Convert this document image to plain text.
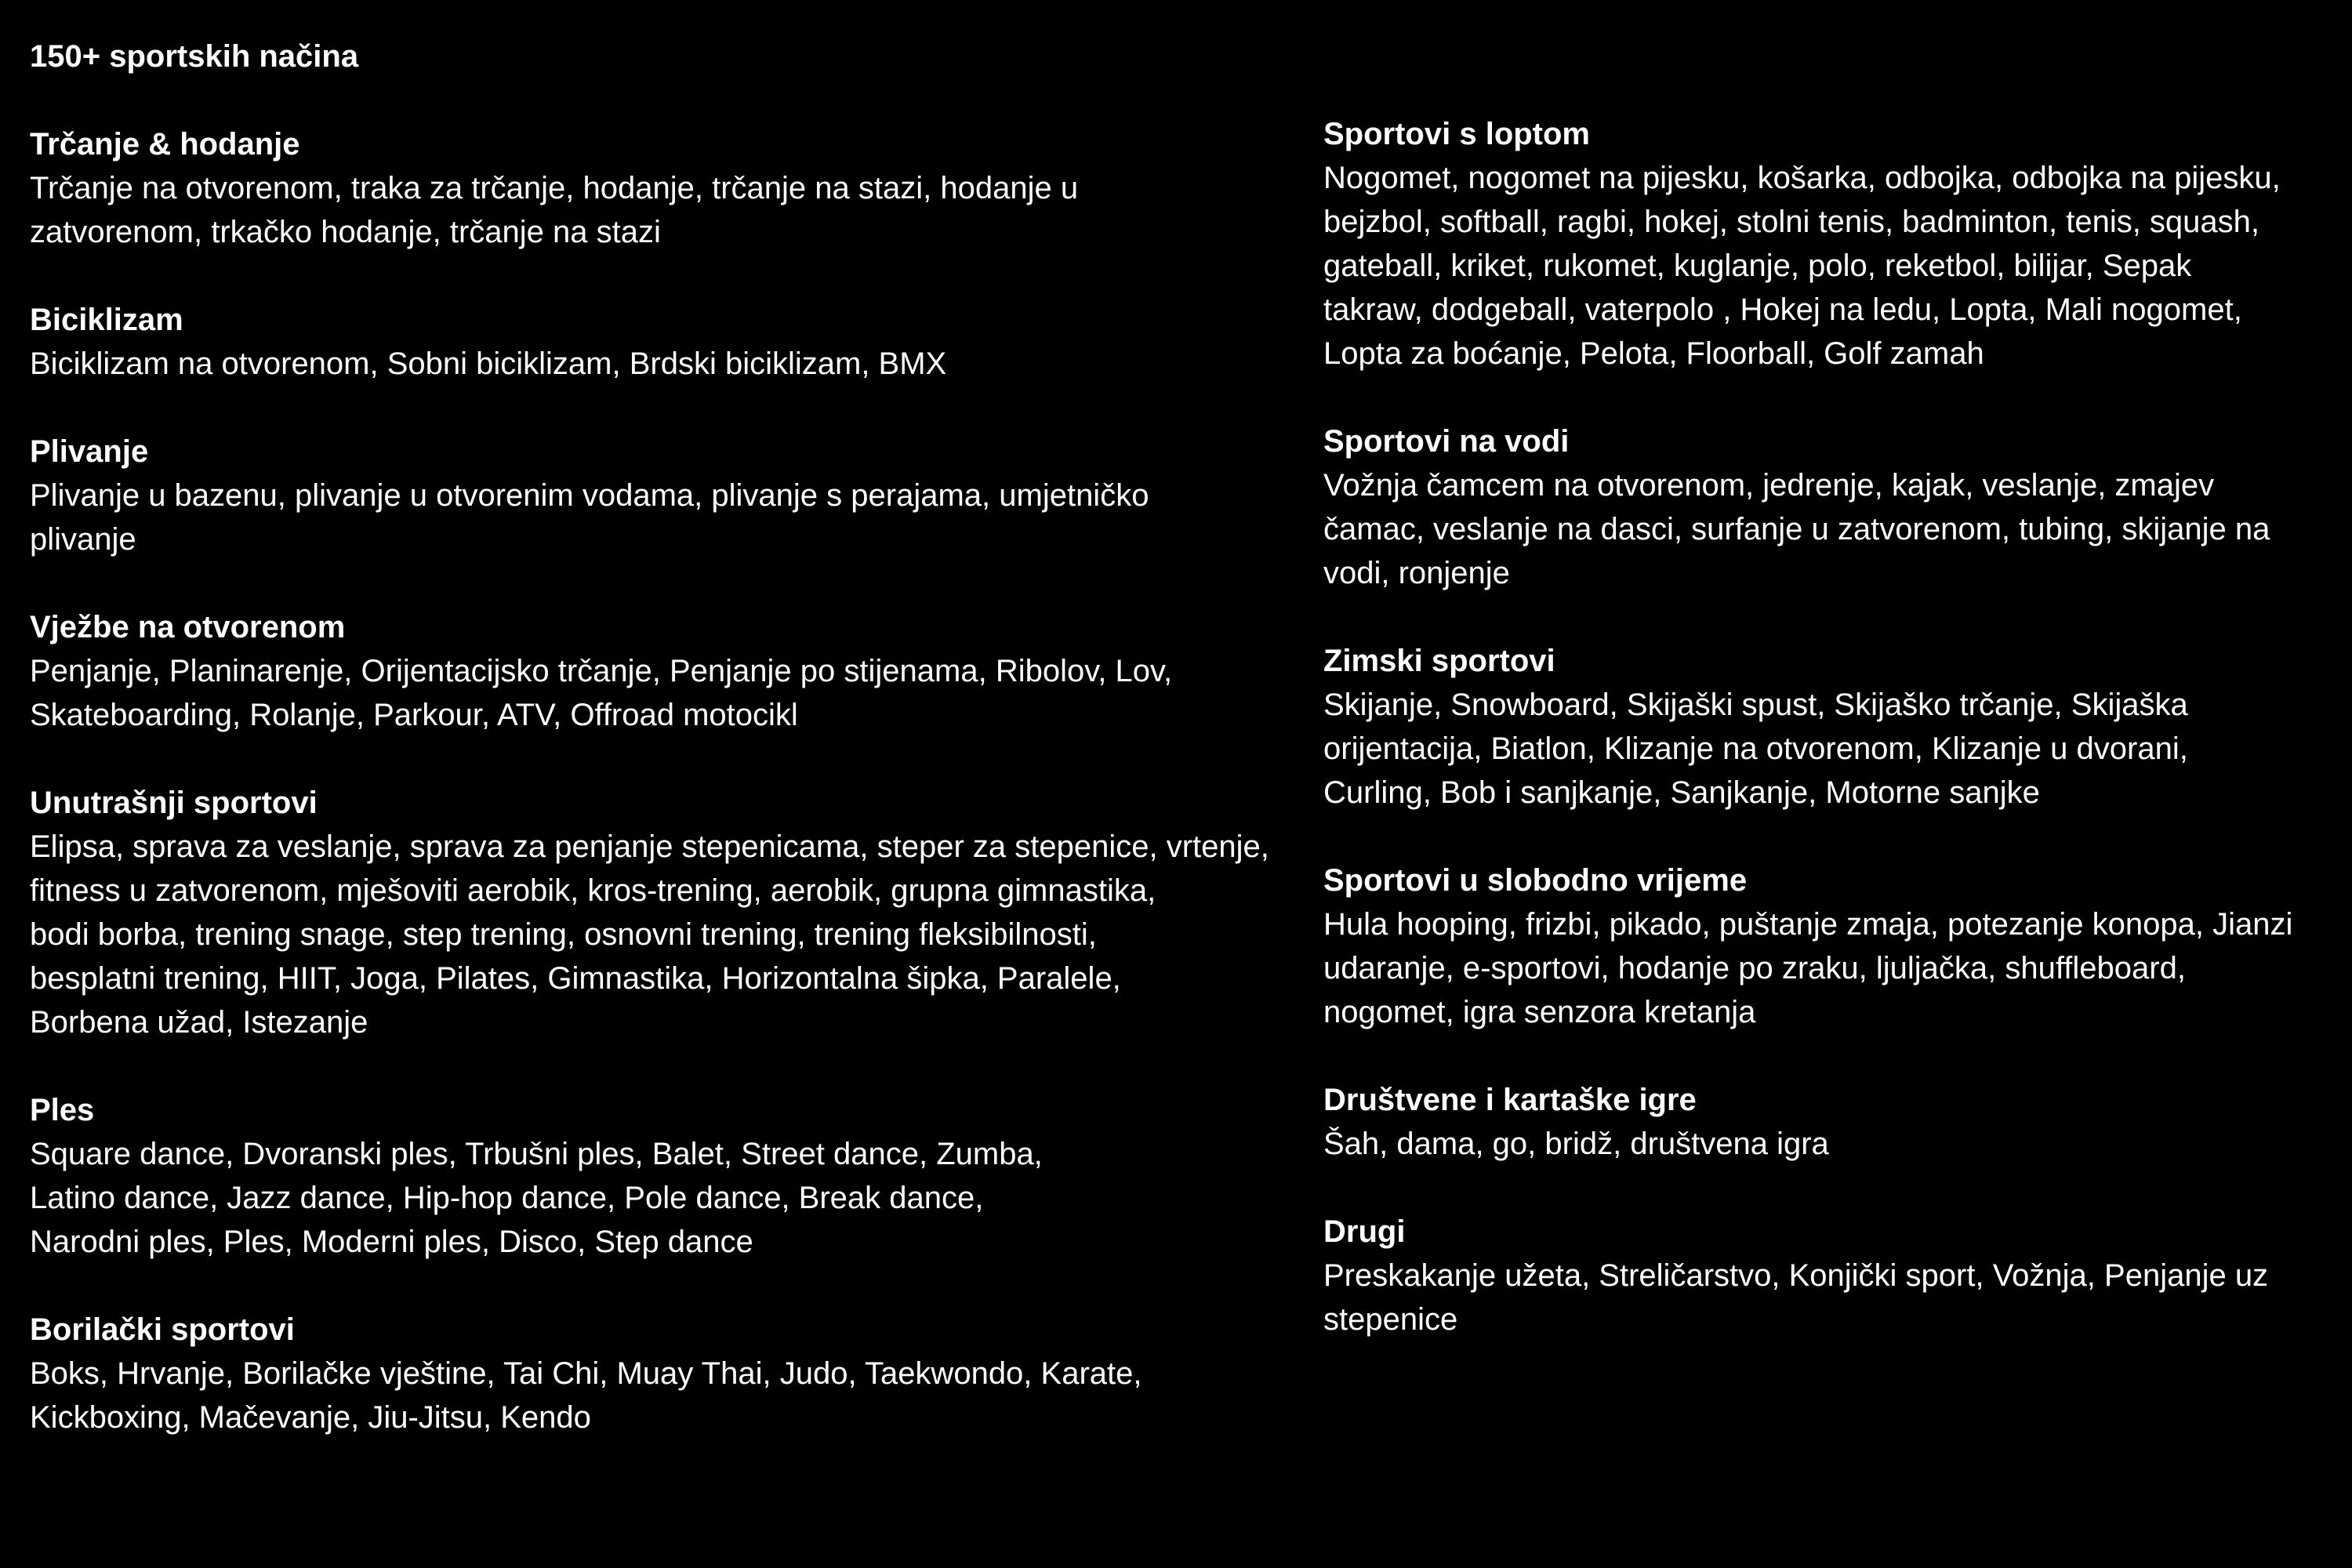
150+ sportskih načina
Trčanje & hodanje
Trčanje na otvorenom, traka za trčanje, hodanje, trčanje na stazi, hodanje u
zatvorenom, trkačko hodanje, trčanje na stazi
Biciklizam
Biciklizam na otvorenom, Sobni biciklizam, Brdski biciklizam, BMX
Plivanje
Plivanje u bazenu, plivanje u otvorenim vodama, plivanje s perajama, umjetničko
plivanje
Vježbe na otvorenom
Penjanje, Planinarenje, Orijentacijsko trčanje, Penjanje po stijenama, Ribolov, Lov,
Skateboarding, Rolanje, Parkour, ATV, Offroad motocikl
Unutrašnji sportovi
Elipsa, sprava za veslanje, sprava za penjanje stepenicama, steper za stepenice, vrtenje,
fitness u zatvorenom, mješoviti aerobik, kros-trening, aerobik, grupna gimnastika,
bodi borba, trening snage, step trening, osnovni trening, trening fleksibilnosti,
besplatni trening, HIIT, Joga, Pilates, Gimnastika, Horizontalna šipka, Paralele,
Borbena užad, Istezanje
Ples
Square dance, Dvoranski ples, Trbušni ples, Balet, Street dance, Zumba,
Latino dance, Jazz dance, Hip-hop dance, Pole dance, Break dance,
Narodni ples, Ples, Moderni ples, Disco, Step dance
Borilački sportovi
Boks, Hrvanje, Borilačke vještine, Tai Chi, Muay Thai, Judo, Taekwondo, Karate,
Kickboxing, Mačevanje, Jiu-Jitsu, Kendo
Sportovi s loptom
Nogomet, nogomet na pijesku, košarka, odbojka, odbojka na pijesku,
bejzbol, softball, ragbi, hokej, stolni tenis, badminton, tenis, squash,
gateball, kriket, rukomet, kuglanje, polo, reketbol, bilijar, Sepak
takraw, dodgeball, vaterpolo , Hokej na ledu, Lopta, Mali nogomet,
Lopta za boćanje, Pelota, Floorball, Golf zamah
Sportovi na vodi
Vožnja čamcem na otvorenom, jedrenje, kajak, veslanje, zmajev
čamac, veslanje na dasci, surfanje u zatvorenom, tubing, skijanje na
vodi, ronjenje
Zimski sportovi
Skijanje, Snowboard, Skijaški spust, Skijaško trčanje, Skijaška
orijentacija, Biatlon, Klizanje na otvorenom, Klizanje u dvorani,
Curling, Bob i sanjkanje, Sanjkanje, Motorne sanjke
Sportovi u slobodno vrijeme
Hula hooping, frizbi, pikado, puštanje zmaja, potezanje konopa, Jianzi
udaranje, e-sportovi, hodanje po zraku, ljuljačka, shuffleboard,
nogomet, igra senzora kretanja
Društvene i kartaške igre
Šah, dama, go, bridž, društvena igra
Drugi
Preskakanje užeta, Streličarstvo, Konjički sport, Vožnja, Penjanje uz
stepenice
